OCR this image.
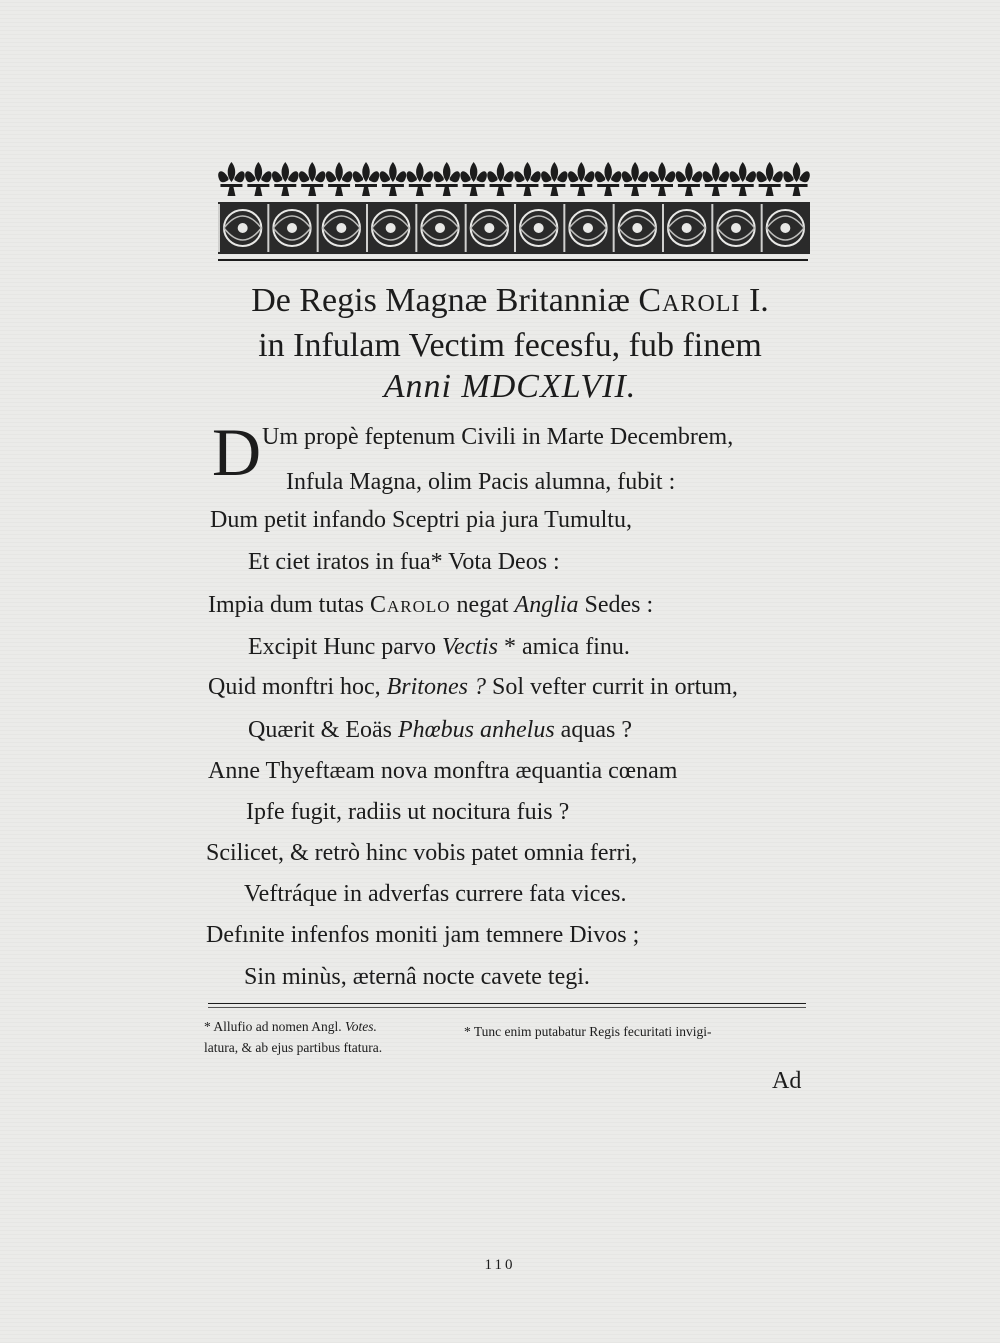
De Regis Magnæ Britanniæ Caroli I.
in Infulam Vectim fecesfu, fub finem
Anni MDCXLVII.
D Um propè feptenum Civili in Marte Decembrem,
Infula Magna, olim Pacis alumna, fubit :
Dum petit infando Sceptri pia jura Tumultu,
Et ciet iratos in fua* Vota Deos :
Impia dum tutas Carolo negat Anglia Sedes :
Excipit Hunc parvo Vectis * amica finu.
Quid monftri hoc, Britones ? Sol vefter currit in ortum,
Quærit & Eoäs Phœbus anhelus aquas ?
Anne Thyeftæam nova monftra æquantia cœnam
Ipfe fugit, radiis ut nocitura fuis ?
Scilicet, & retrò hinc vobis patet omnia ferri,
Veftráque in adverfas currere fata vices.
Defınite infenfos moniti jam temnere Divos ;
Sin minùs, æternâ nocte cavete tegi.
* Allufio ad nomen Angl. Votes.	* Tunc enim putabatur Regis fecuritati invigi-
latura, & ab ejus partibus ftatura.
Ad
110
